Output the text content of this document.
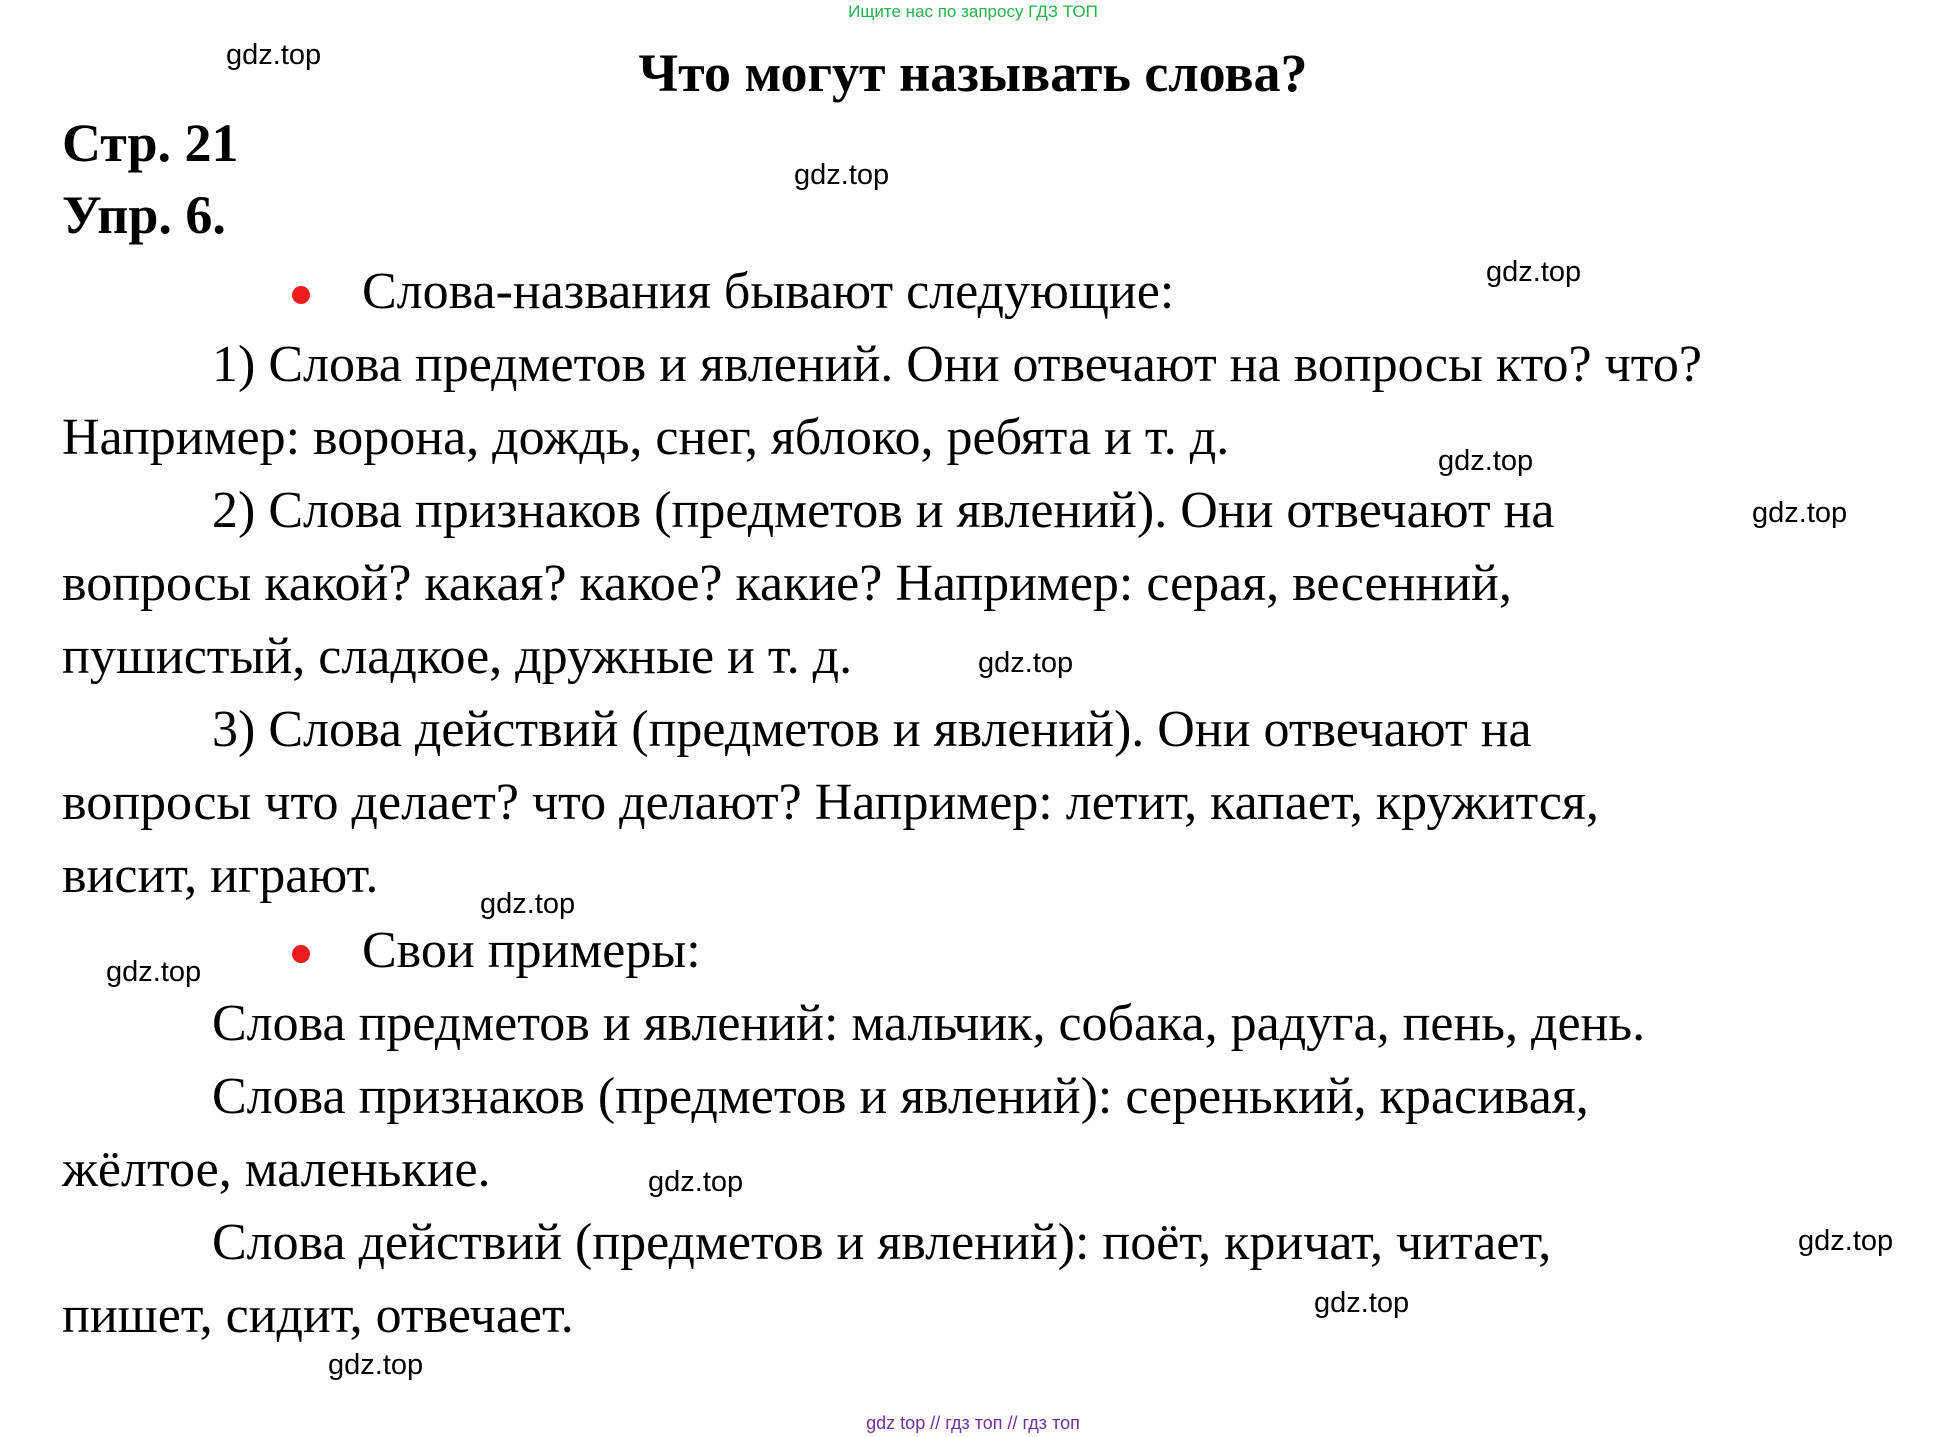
Ищите нас по запросу ГДЗ ТОП
Что могут называть слова?
Стр. 21
Упр. 6.
Слова-названия бывают следующие:
1) Слова предметов и явлений. Они отвечают на вопросы кто? что?
Например: ворона, дождь, снег, яблоко, ребята и т. д.
2) Слова признаков (предметов и явлений). Они отвечают на
вопросы какой? какая? какое? какие? Например: серая, весенний,
пушистый, сладкое, дружные и т. д.
3) Слова действий (предметов и явлений). Они отвечают на
вопросы что делает? что делают? Например: летит, капает, кружится,
висит, играют.
Свои примеры:
Слова предметов и явлений: мальчик, собака, радуга, пень, день.
Слова признаков (предметов и явлений): серенький, красивая,
жёлтое, маленькие.
Слова действий (предметов и явлений): поёт, кричат, читает,
пишет, сидит, отвечает.
gdz.top
gdz.top
gdz.top
gdz.top
gdz.top
gdz.top
gdz.top
gdz.top
gdz.top
gdz.top
gdz.top
gdz.top
gdz top // гдз топ // гдз топ
